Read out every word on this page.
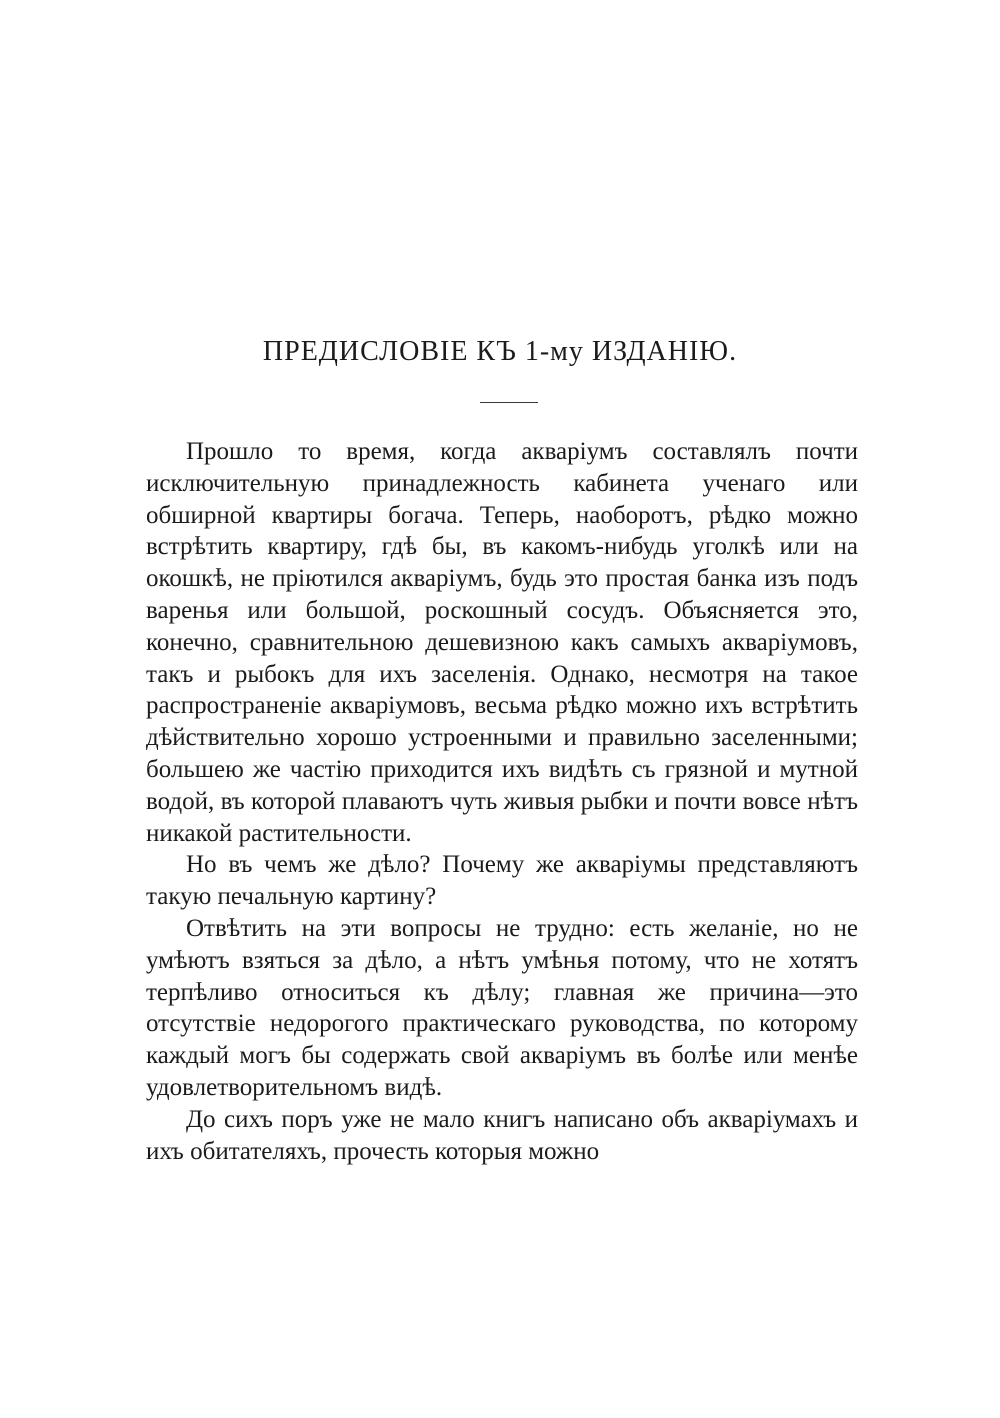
ПРЕДИСЛОВІЕ КЪ 1-му ИЗДАНІЮ.

Прошло то время, когда акваріумъ составлялъ почти исключительную принадлежность кабинета ученаго или обширной квартиры богача. Теперь, наоборотъ, рѣдко можно встрѣтить квартиру, гдѣ бы, въ какомъ-нибудь уголкѣ или на окошкѣ, не пріютился акваріумъ, будь это простая банка изъ подъ варенья или большой, роскошный сосудъ. Объясняется это, конечно, сравнительною дешевизною какъ самыхъ акваріумовъ, такъ и рыбокъ для ихъ заселенія. Однако, несмотря на такое распространеніе акваріумовъ, весьма рѣдко можно ихъ встрѣтить дѣйствительно хорошо устроенными и правильно заселенными; большею же частію приходится ихъ видѣть съ грязной и мутной водой, въ которой плаваютъ чуть живыя рыбки и почти вовсе нѣтъ никакой растительности.

Но въ чемъ же дѣло? Почему же акваріумы представляютъ такую печальную картину?

Отвѣтить на эти вопросы не трудно: есть желаніе, но не умѣютъ взяться за дѣло, а нѣтъ умѣнья потому, что не хотятъ терпѣливо относиться къ дѣлу; главная же причина—это отсутствіе недорогого практическаго руководства, по которому каждый могъ бы содержать свой акваріумъ въ болѣе или менѣе удовлетворительномъ видѣ.

До сихъ поръ уже не мало книгъ написано объ акваріумахъ и ихъ обитателяхъ, прочесть которыя можно
